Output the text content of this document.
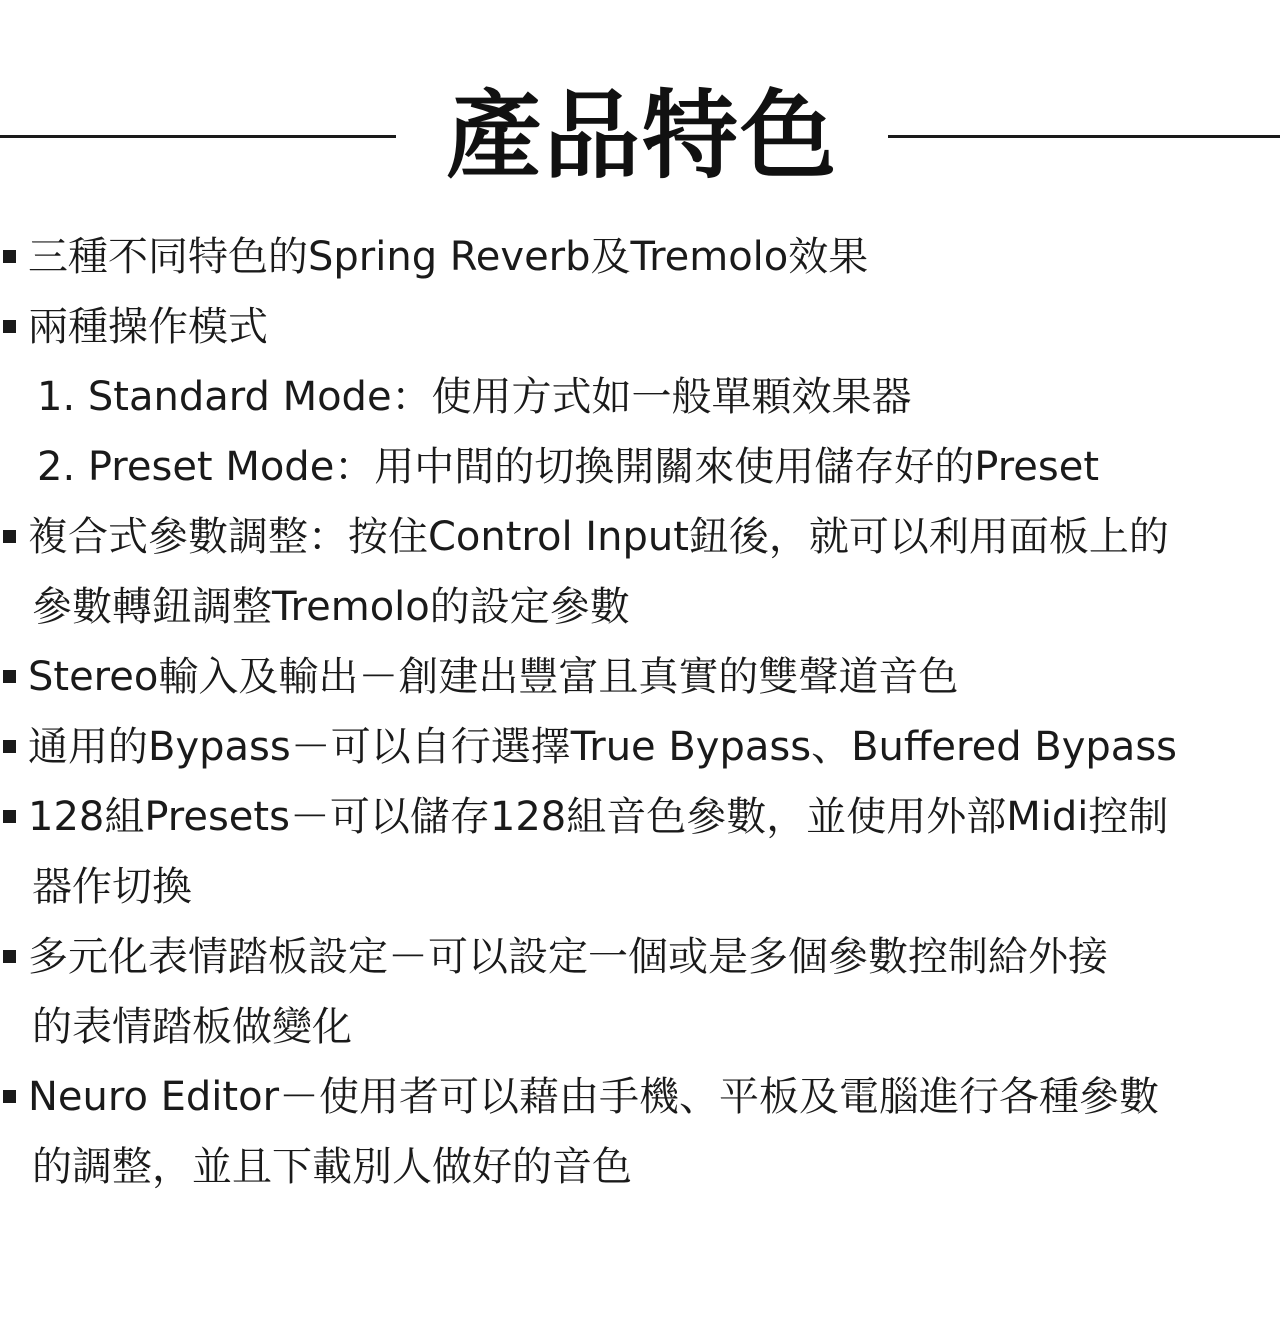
產品特色
三種不同特色的Spring Reverb及Tremolo效果
兩種操作模式
1. Standard Mode：使用方式如一般單顆效果器
2. Preset Mode：用中間的切換開關來使用儲存好的Preset
複合式參數調整：按住Control Input鈕後，就可以利用面板上的
參數轉鈕調整Tremolo的設定參數
Stereo輸入及輸出－創建出豐富且真實的雙聲道音色
通用的Bypass－可以自行選擇True Bypass、Buffered Bypass
128組Presets－可以儲存128組音色參數，並使用外部Midi控制
器作切換
多元化表情踏板設定－可以設定一個或是多個參數控制給外接
的表情踏板做變化
Neuro Editor－使用者可以藉由手機、平板及電腦進行各種參數
的調整，並且下載別人做好的音色
